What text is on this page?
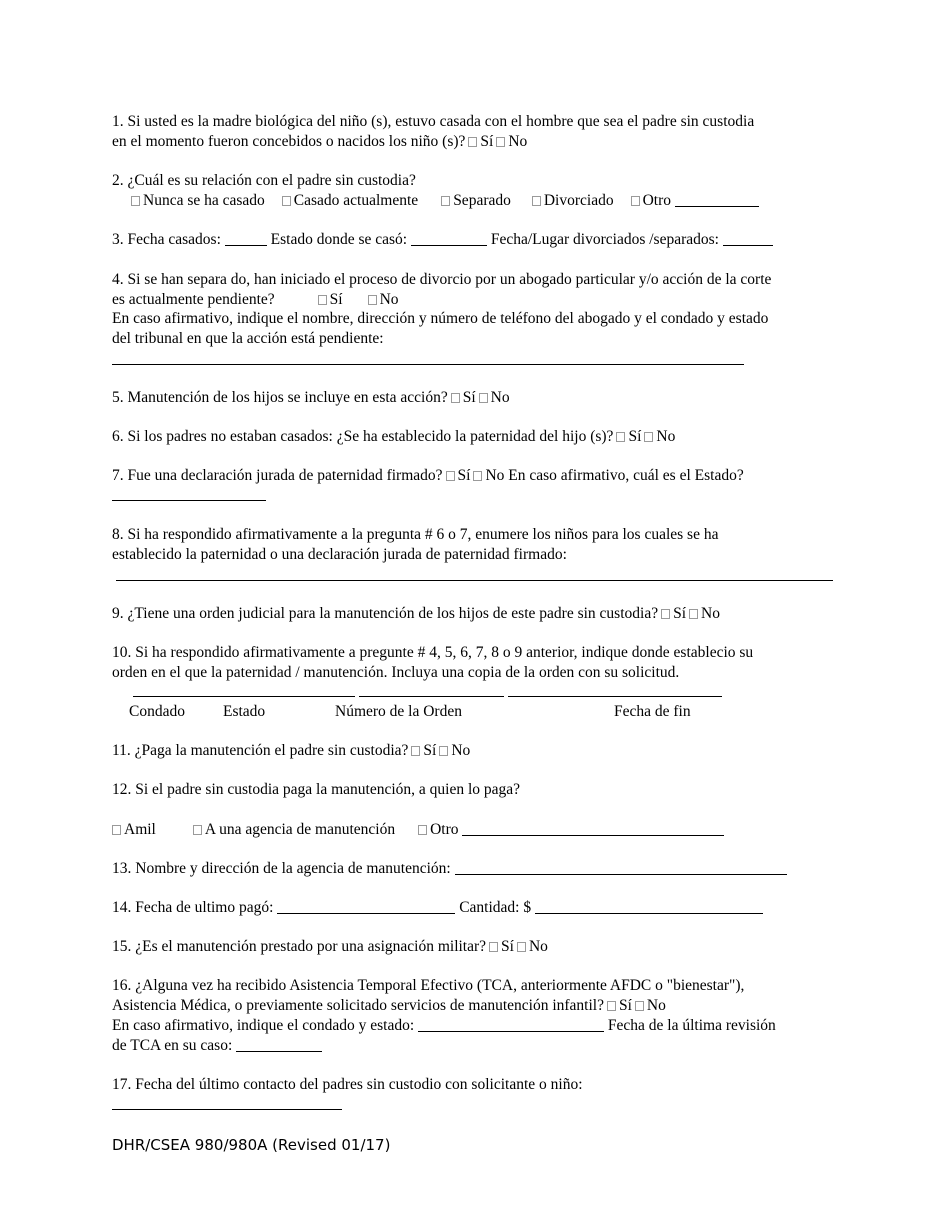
1. Si usted es la madre biológica del niño (s), estuvo casada con el hombre que sea el padre sin custodia
en el momento fueron concebidos o nacidos los niño (s)? Sí No
2. ¿Cuál es su relación con el padre sin custodia?
Nunca se ha casado Casado actualmente Separado Divorciado Otro
3. Fecha casados:	Estado donde se casó:	Fecha/Lugar divorciados /separados:
4. Si se han separa do, han iniciado el proceso de divorcio por un abogado particular y/o acción de la corte
es actualmente pendiente?	Sí No
En caso afirmativo, indique el nombre, dirección y número de teléfono del abogado y el condado y estado
del tribunal en que la acción está pendiente:
5. Manutención de los hijos se incluye en esta acción? Sí No
6. Si los padres no estaban casados: ¿Se ha establecido la paternidad del hijo (s)? Sí No
7. Fue una declaración jurada de paternidad firmado? Sí No En caso afirmativo, cuál es el Estado?
8. Si ha respondido afirmativamente a la pregunta # 6 o 7, enumere los niños para los cuales se ha
establecido la paternidad o una declaración jurada de paternidad firmado:
9. ¿Tiene una orden judicial para la manutención de los hijos de este padre sin custodia? Sí No
10. Si ha respondido afirmativamente a pregunte # 4, 5, 6, 7, 8 o 9 anterior, indique donde establecio su
orden en el que la paternidad / manutención. Incluya una copia de la orden con su solicitud.
Condado Estado	Número de la Orden	Fecha de fin
11. ¿Paga la manutención el padre sin custodia? Sí No
12. Si el padre sin custodia paga la manutención, a quien lo paga?
Amil	A una agencia de manutención Otro
13. Nombre y dirección de la agencia de manutención:
14. Fecha de ultimo pagó:	Cantidad: $
15. ¿Es el manutención prestado por una asignación militar? Sí No
16. ¿Alguna vez ha recibido Asistencia Temporal Efectivo (TCA, anteriormente AFDC o "bienestar"),
Asistencia Médica, o previamente solicitado servicios de manutención infantil? Sí No
En caso afirmativo, indique el condado y estado:	Fecha de la última revisión
de TCA en su caso:
17. Fecha del último contacto del padres sin custodio con solicitante o niño:
DHR/CSEA 980/980A (Revised 01/17)
